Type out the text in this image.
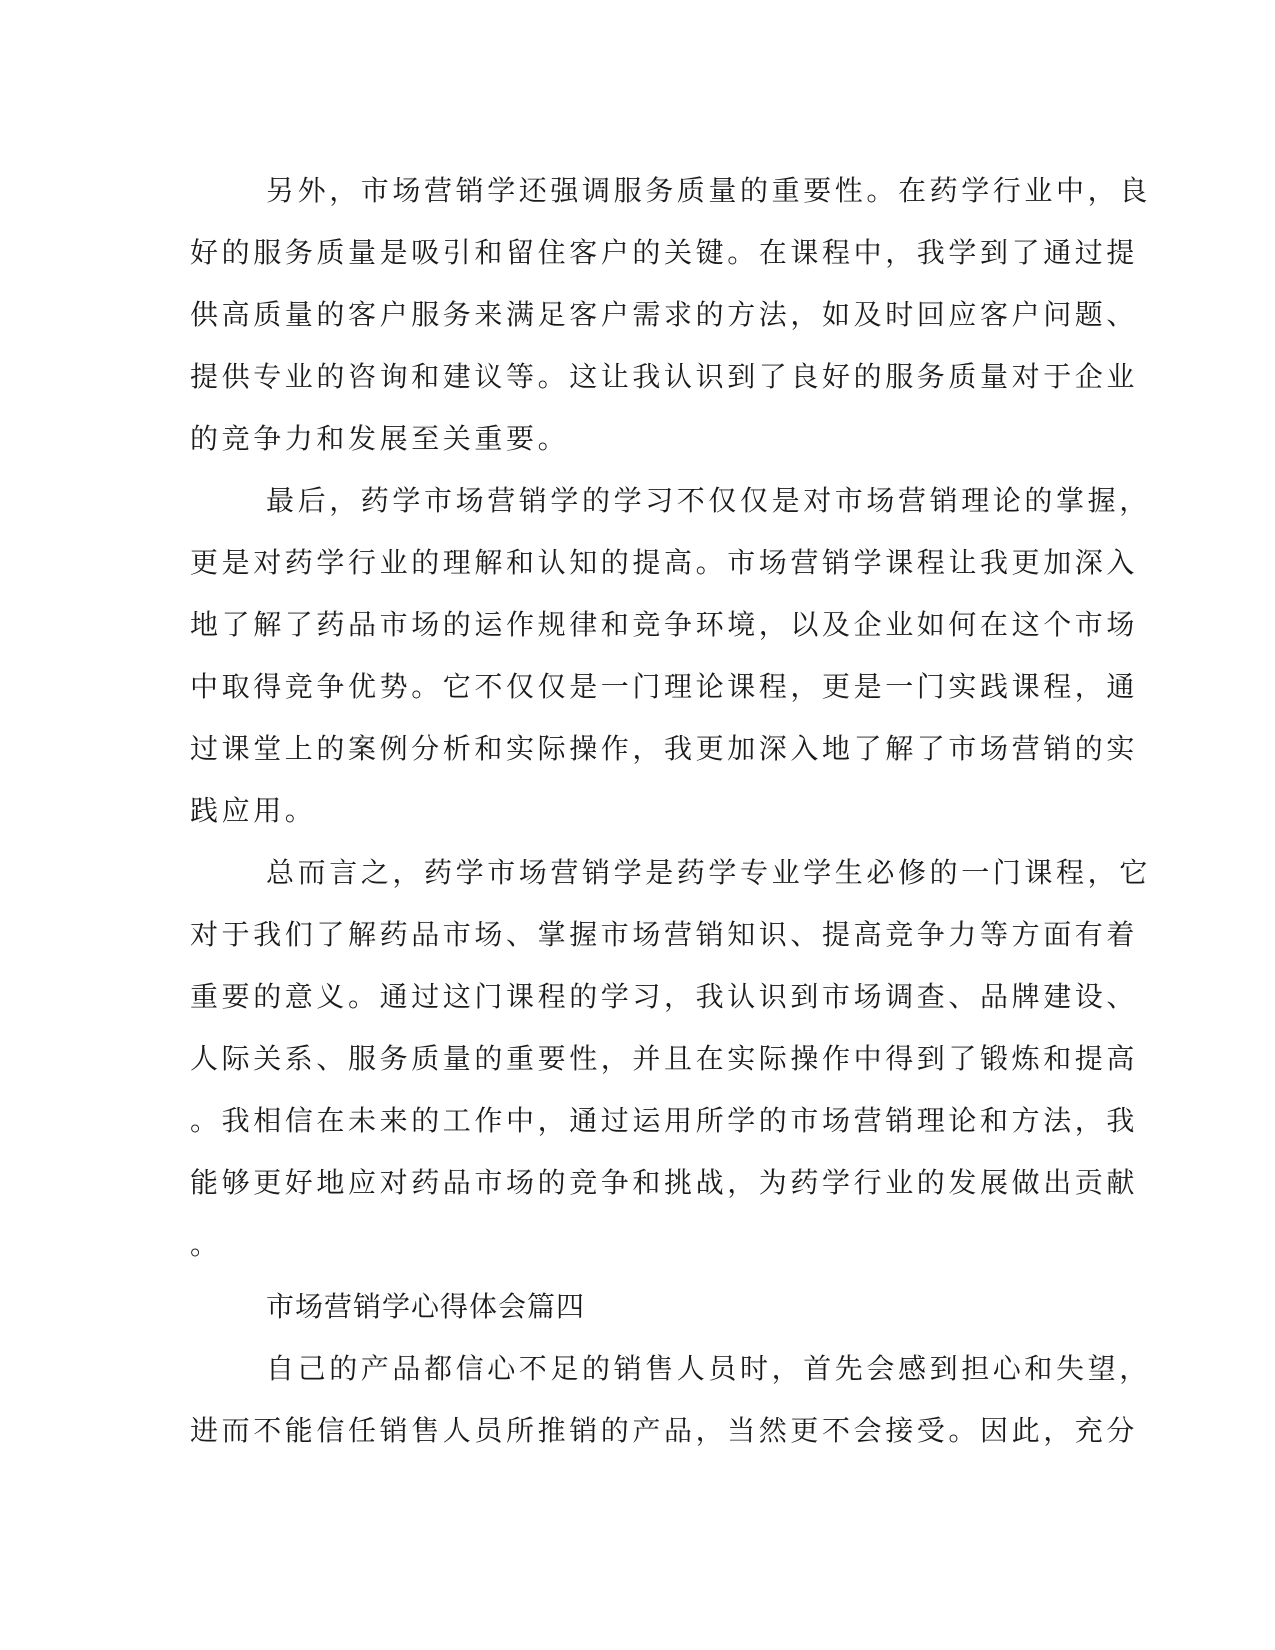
另外，市场营销学还强调服务质量的重要性。在药学行业中，良
好的服务质量是吸引和留住客户的关键。在课程中，我学到了通过提
供高质量的客户服务来满足客户需求的方法，如及时回应客户问题、
提供专业的咨询和建议等。这让我认识到了良好的服务质量对于企业
的竞争力和发展至关重要。
最后，药学市场营销学的学习不仅仅是对市场营销理论的掌握，
更是对药学行业的理解和认知的提高。市场营销学课程让我更加深入
地了解了药品市场的运作规律和竞争环境，以及企业如何在这个市场
中取得竞争优势。它不仅仅是一门理论课程，更是一门实践课程，通
过课堂上的案例分析和实际操作，我更加深入地了解了市场营销的实
践应用。
总而言之，药学市场营销学是药学专业学生必修的一门课程，它
对于我们了解药品市场、掌握市场营销知识、提高竞争力等方面有着
重要的意义。通过这门课程的学习，我认识到市场调查、品牌建设、
人际关系、服务质量的重要性，并且在实际操作中得到了锻炼和提高
。我相信在未来的工作中，通过运用所学的市场营销理论和方法，我
能够更好地应对药品市场的竞争和挑战，为药学行业的发展做出贡献
。
市场营销学心得体会篇四
自己的产品都信心不足的销售人员时，首先会感到担心和失望，
进而不能信任销售人员所推销的产品，当然更不会接受。因此，充分
